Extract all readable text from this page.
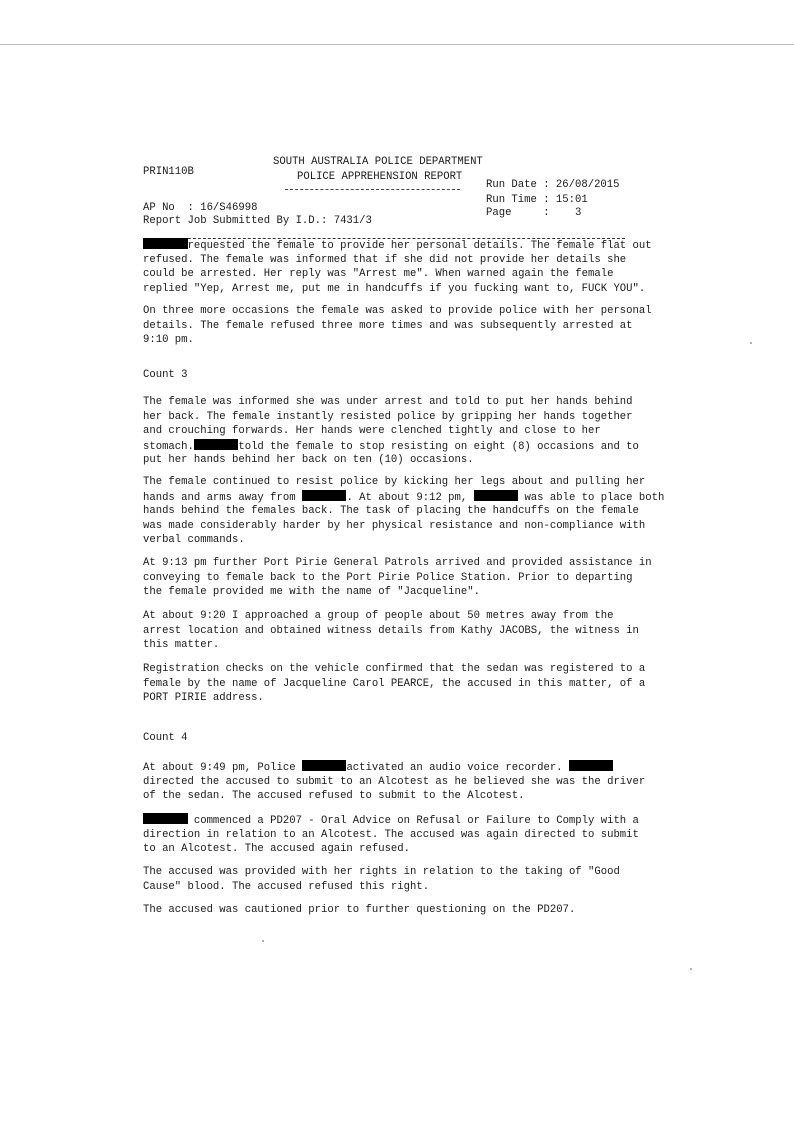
PRIN110B
SOUTH AUSTRALIA POLICE DEPARTMENT
POLICE APPREHENSION REPORT
Run Date : 26/08/2015
Run Time : 15:01
Page     :    3
AP No  : 16/S46998
Report Job Submitted By I.D.: 7431/3
requested the female to provide her personal details. The female flat out
refused. The female was informed that if she did not provide her details she
could be arrested. Her reply was "Arrest me". When warned again the female
replied "Yep, Arrest me, put me in handcuffs if you fucking want to, FUCK YOU".
On three more occasions the female was asked to provide police with her personal
details. The female refused three more times and was subsequently arrested at
9:10 pm.
Count 3
The female was informed she was under arrest and told to put her hands behind
her back. The female instantly resisted police by gripping her hands together
and crouching forwards. Her hands were clenched tightly and close to her
stomach.	told the female to stop resisting on eight (8) occasions and to
put her hands behind her back on ten (10) occasions.
The female continued to resist police by kicking her legs about and pulling her
hands and arms away from	. At about 9:12 pm,	was able to place both
hands behind the females back. The task of placing the handcuffs on the female
was made considerably harder by her physical resistance and non-compliance with
verbal commands.
At 9:13 pm further Port Pirie General Patrols arrived and provided assistance in
conveying to female back to the Port Pirie Police Station. Prior to departing
the female provided me with the name of "Jacqueline".
At about 9:20 I approached a group of people about 50 metres away from the
arrest location and obtained witness details from Kathy JACOBS, the witness in
this matter.
Registration checks on the vehicle confirmed that the sedan was registered to a
female by the name of Jacqueline Carol PEARCE, the accused in this matter, of a
PORT PIRIE address.
Count 4
At about 9:49 pm, Police	activated an audio voice recorder.
directed the accused to submit to an Alcotest as he believed she was the driver
of the sedan. The accused refused to submit to the Alcotest.
commenced a PD207 - Oral Advice on Refusal or Failure to Comply with a
direction in relation to an Alcotest. The accused was again directed to submit
to an Alcotest. The accused again refused.
The accused was provided with her rights in relation to the taking of "Good
Cause" blood. The accused refused this right.
The accused was cautioned prior to further questioning on the PD207.
